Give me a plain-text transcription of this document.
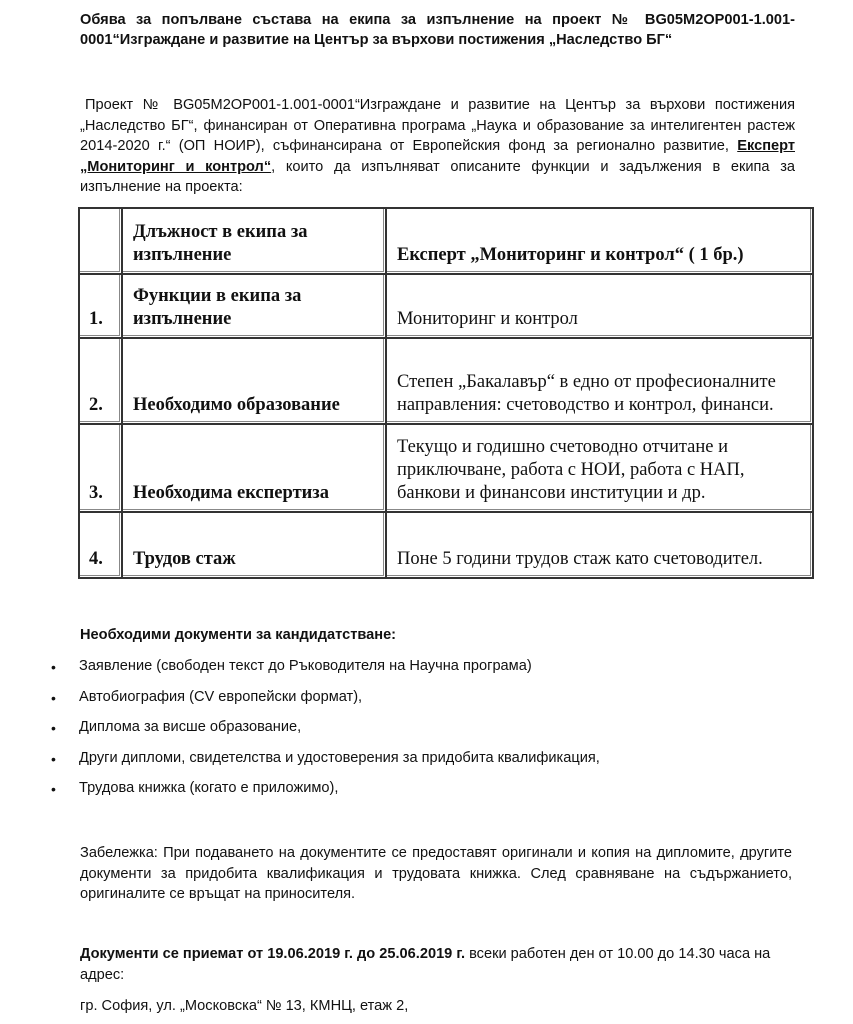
Обява за попълване състава на екипа за изпълнение на проект № BG05M2OP001-1.001-0001“Изграждане и развитие на Център за върхови постижения „Наследство БГ“
Проект № BG05M2OP001-1.001-0001“Изграждане и развитие на Център за върхови постижения „Наследство БГ“, финансиран от Оперативна програма „Наука и образование за интелигентен растеж 2014-2020 г.“ (ОП НОИР), съфинансирана от Европейския фонд за регионално развитие, Експерт „Мониторинг и контрол“, които да изпълняват описаните функции и задължения в екипа за изпълнение на проекта:
	Длъжност в екипа за изпълнение	Експерт „Мониторинг и контрол“ ( 1 бр.)
1.	Функции в екипа за изпълнение	Мониторинг и контрол
2.	Необходимо образование	Степен „Бакалавър“ в едно от професионалните направления: счетоводство и контрол, финанси.
3.	Необходима експертиза	Текущо и годишно счетоводно отчитане и приключване, работа с НОИ, работа с НАП, банкови и финансови институции и др.
4.	Трудов стаж	Поне 5 години трудов стаж като счетоводител.
Необходими документи за кандидатстване:
• Заявление (свободен текст до Ръководителя на Научна програма)
• Автобиография (CV европейски формат),
• Диплома за висше образование,
• Други дипломи, свидетелства и удостоверения за придобита квалификация,
• Трудова книжка (когато е приложимо),
Забележка: При подаването на документите се предоставят оригинали и копия на дипломите, другите документи за придобита квалификация и трудовата книжка. След сравняване на съдържанието, оригиналите се връщат на приносителя.
Документи се приемат от 19.06.2019 г. до 25.06.2019 г. всеки работен ден от 10.00 до 14.30 часа на адрес:
гр. София, ул. „Московска“ № 13, КМНЦ, етаж 2,
